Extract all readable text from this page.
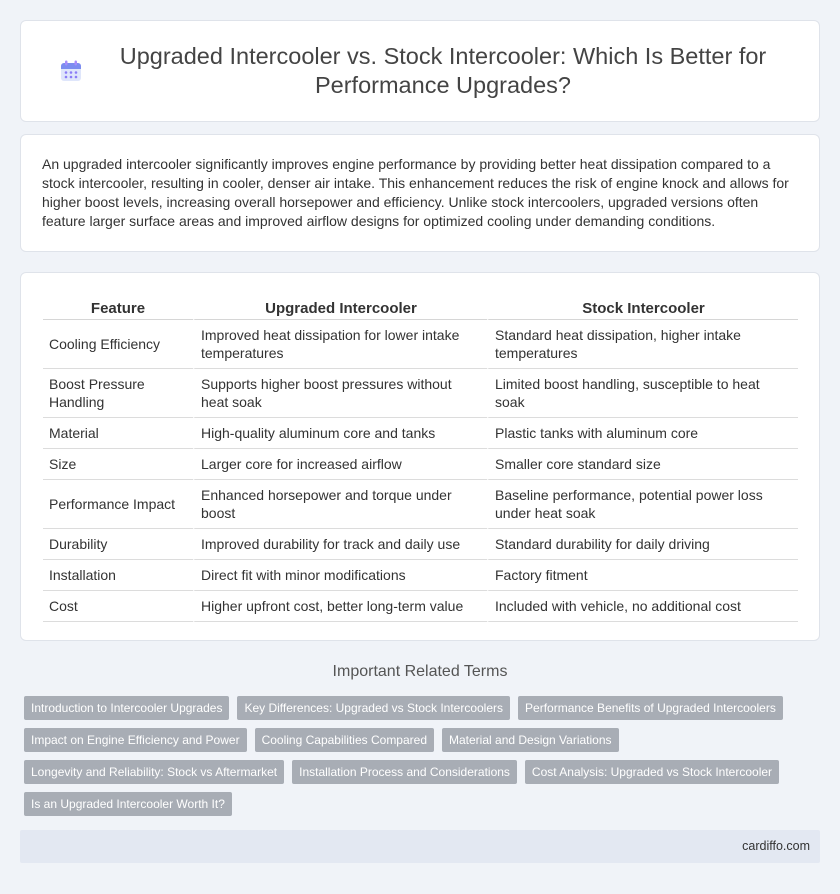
Upgraded Intercooler vs. Stock Intercooler: Which Is Better for Performance Upgrades?

An upgraded intercooler significantly improves engine performance by providing better heat dissipation compared to a stock intercooler, resulting in cooler, denser air intake. This enhancement reduces the risk of engine knock and allows for higher boost levels, increasing overall horsepower and efficiency. Unlike stock intercoolers, upgraded versions often feature larger surface areas and improved airflow designs for optimized cooling under demanding conditions.

Feature	Upgraded Intercooler	Stock Intercooler
Cooling Efficiency	Improved heat dissipation for lower intake temperatures	Standard heat dissipation, higher intake temperatures
Boost Pressure Handling	Supports higher boost pressures without heat soak	Limited boost handling, susceptible to heat soak
Material	High-quality aluminum core and tanks	Plastic tanks with aluminum core
Size	Larger core for increased airflow	Smaller core standard size
Performance Impact	Enhanced horsepower and torque under boost	Baseline performance, potential power loss under heat soak
Durability	Improved durability for track and daily use	Standard durability for daily driving
Installation	Direct fit with minor modifications	Factory fitment
Cost	Higher upfront cost, better long-term value	Included with vehicle, no additional cost
Important Related Terms
Introduction to Intercooler Upgrades	Key Differences: Upgraded vs Stock Intercoolers	Performance Benefits of Upgraded Intercoolers
Impact on Engine Efficiency and Power	Cooling Capabilities Compared	Material and Design Variations
Longevity and Reliability: Stock vs Aftermarket	Installation Process and Considerations	Cost Analysis: Upgraded vs Stock Intercooler
Is an Upgraded Intercooler Worth It?
cardiffo.com
